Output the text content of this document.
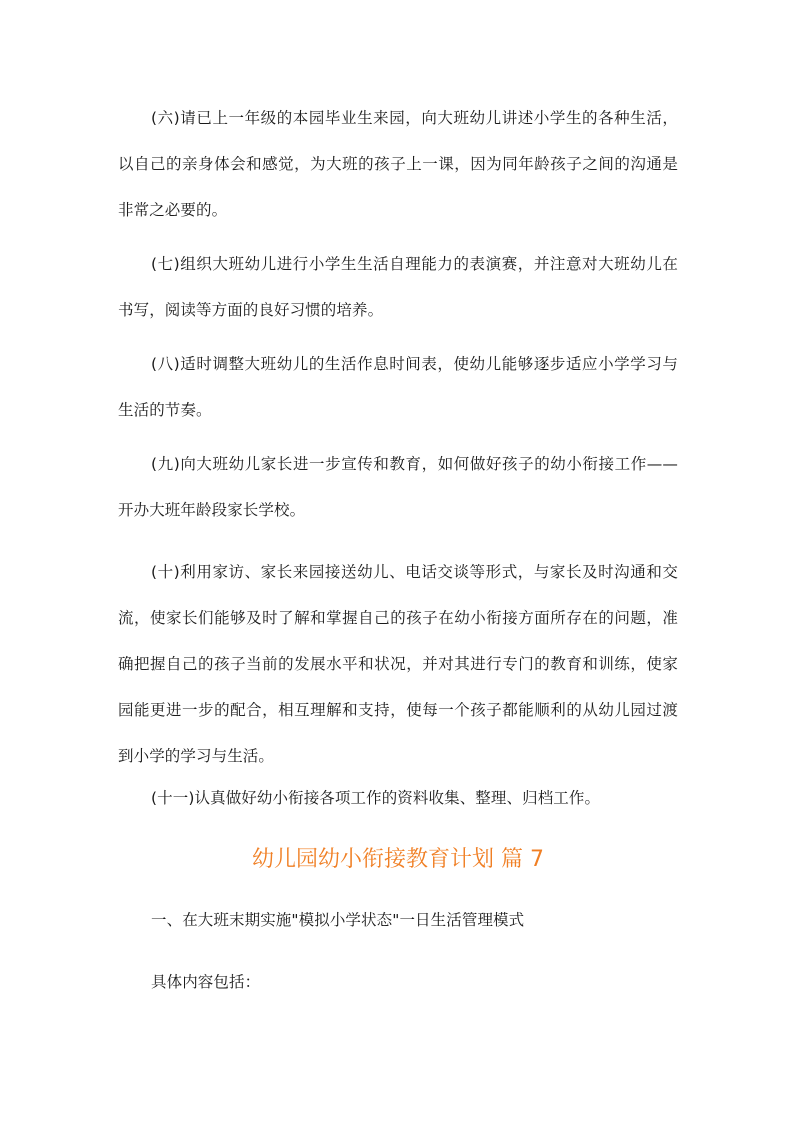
(六)请已上一年级的本园毕业生来园，向大班幼儿讲述小学生的各种生活，以自己的亲身体会和感觉，为大班的孩子上一课，因为同年龄孩子之间的沟通是非常之必要的。

(七)组织大班幼儿进行小学生生活自理能力的表演赛，并注意对大班幼儿在书写，阅读等方面的良好习惯的培养。

(八)适时调整大班幼儿的生活作息时间表，使幼儿能够逐步适应小学学习与生活的节奏。

(九)向大班幼儿家长进一步宣传和教育，如何做好孩子的幼小衔接工作——开办大班年龄段家长学校。

(十)利用家访、家长来园接送幼儿、电话交谈等形式，与家长及时沟通和交流，使家长们能够及时了解和掌握自己的孩子在幼小衔接方面所存在的问题，准确把握自己的孩子当前的发展水平和状况，并对其进行专门的教育和训练，使家园能更进一步的配合，相互理解和支持，使每一个孩子都能顺利的从幼儿园过渡到小学的学习与生活。

(十一)认真做好幼小衔接各项工作的资料收集、整理、归档工作。

幼儿园幼小衔接教育计划 篇 7

一、在大班末期实施"模拟小学状态"一日生活管理模式

具体内容包括：
